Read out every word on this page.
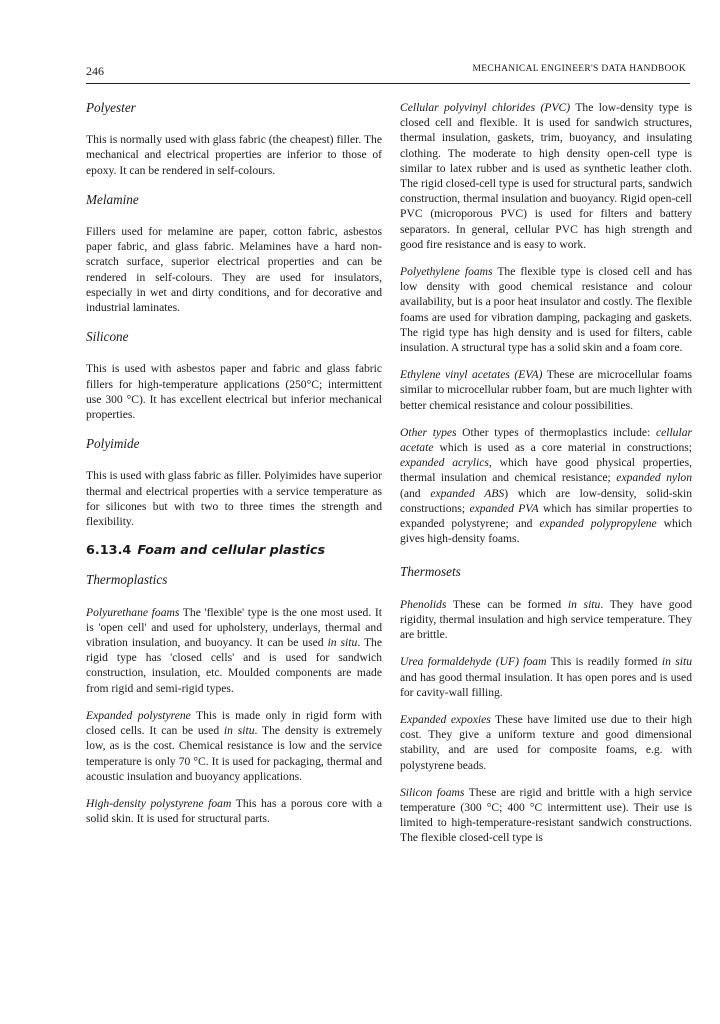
246	MECHANICAL ENGINEER'S DATA HANDBOOK
Polyester

This is normally used with glass fabric (the cheapest) filler. The mechanical and electrical properties are inferior to those of epoxy. It can be rendered in self-colours.

Melamine

Fillers used for melamine are paper, cotton fabric, asbestos paper fabric, and glass fabric. Melamines have a hard non-scratch surface, superior electrical properties and can be rendered in self-colours. They are used for insulators, especially in wet and dirty conditions, and for decorative and industrial laminates.

Silicone

This is used with asbestos paper and fabric and glass fabric fillers for high-temperature applications (250°C; intermittent use 300 °C). It has excellent electrical but inferior mechanical properties.

Polyimide

This is used with glass fabric as filler. Polyimides have superior thermal and electrical properties with a service temperature as for silicones but with two to three times the strength and flexibility.

6.13.4 Foam and cellular plastics
Thermoplastics

Polyurethane foams The 'flexible' type is the one most used. It is 'open cell' and used for upholstery, underlays, thermal and vibration insulation, and buoyancy. It can be used in situ. The rigid type has 'closed cells' and is used for sandwich construction, insulation, etc. Moulded components are made from rigid and semi-rigid types.

Expanded polystyrene This is made only in rigid form with closed cells. It can be used in situ. The density is extremely low, as is the cost. Chemical resistance is low and the service temperature is only 70 °C. It is used for packaging, thermal and acoustic insulation and buoyancy applications.

High-density polystyrene foam This has a porous core with a solid skin. It is used for structural parts.

Cellular polyvinyl chlorides (PVC) The low-density type is closed cell and flexible. It is used for sandwich structures, thermal insulation, gaskets, trim, buoyancy, and insulating clothing. The moderate to high density open-cell type is similar to latex rubber and is used as synthetic leather cloth. The rigid closed-cell type is used for structural parts, sandwich construction, thermal insulation and buoyancy. Rigid open-cell PVC (microporous PVC) is used for filters and battery separators. In general, cellular PVC has high strength and good fire resistance and is easy to work.

Polyethylene foams The flexible type is closed cell and has low density with good chemical resistance and colour availability, but is a poor heat insulator and costly. The flexible foams are used for vibration damping, packaging and gaskets. The rigid type has high density and is used for filters, cable insulation. A structural type has a solid skin and a foam core.

Ethylene vinyl acetates (EVA) These are microcellular foams similar to microcellular rubber foam, but are much lighter with better chemical resistance and colour possibilities.

Other types Other types of thermoplastics include: cellular acetate which is used as a core material in constructions; expanded acrylics, which have good physical properties, thermal insulation and chemical resistance; expanded nylon (and expanded ABS) which are low-density, solid-skin constructions; expanded PVA which has similar properties to expanded polystyrene; and expanded polypropylene which gives high-density foams.

Thermosets

Phenolids These can be formed in situ. They have good rigidity, thermal insulation and high service temperature. They are brittle.

Urea formaldehyde (UF) foam This is readily formed in situ and has good thermal insulation. It has open pores and is used for cavity-wall filling.

Expanded expoxies These have limited use due to their high cost. They give a uniform texture and good dimensional stability, and are used for composite foams, e.g. with polystyrene beads.

Silicon foams These are rigid and brittle with a high service temperature (300 °C; 400 °C intermittent use). Their use is limited to high-temperature-resistant sandwich constructions. The flexible closed-cell type is
